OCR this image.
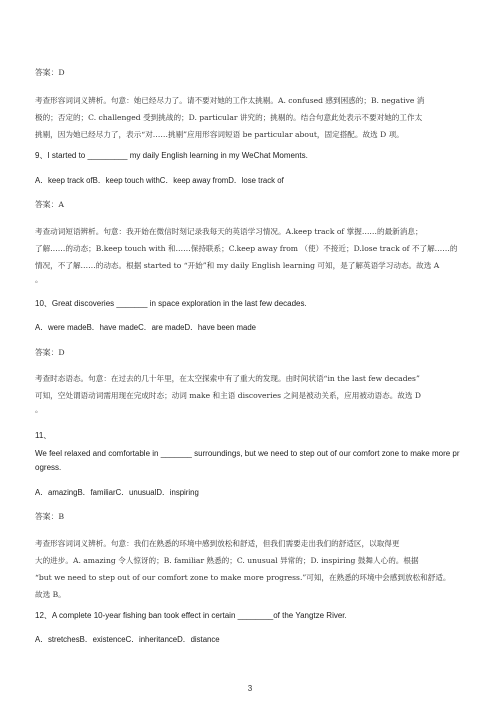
答案：D
考查形容词词义辨析。句意：她已经尽力了。请不要对她的工作太挑剔。A. confused 感到困惑的；B. negative 消
极的；否定的；C. challenged 受到挑战的；D. particular 讲究的；挑剔的。结合句意此处表示不要对她的工作太
挑剔，因为她已经尽力了，表示“对……挑剔”应用形容词短语 be particular about，固定搭配。故选 D 项。
9、I started to _________ my daily English learning in my WeChat Moments.
A．keep track ofB．keep touch withC．keep away fromD．lose track of
答案：A
考查动词短语辨析。句意：我开始在微信时刻记录我每天的英语学习情况。A.keep track of 掌握……的最新消息；
了解……的动态；B.keep touch with 和……保持联系；C.keep away from （使）不接近；D.lose track of 不了解……的
情况，不了解……的动态。根据 started to “开始”和 my daily English learning 可知，是了解英语学习动态。故选 A
。
10、Great discoveries _______ in space exploration in the last few decades.
A．were madeB．have madeC．are madeD．have been made
答案：D
考查时态语态。句意：在过去的几十年里，在太空探索中有了重大的发现。由时间状语“in the last few decades”
可知，空处谓语动词需用现在完成时态；动词 make 和主语 discoveries 之间是被动关系，应用被动语态。故选 D
。
11、
We feel relaxed and comfortable in _______ surroundings, but we need to step out of our comfort zone to make more pr
ogress.
A．amazingB．familiarC．unusualD．inspiring
答案：B
考查形容词词义辨析。句意：我们在熟悉的环境中感到放松和舒适，但我们需要走出我们的舒适区，以取得更
大的进步。A. amazing 令人惊讶的；B. familiar 熟悉的；C. unusual 异常的；D. inspiring 鼓舞人心的。根据
“but we need to step out of our comfort zone to make more progress.”可知，在熟悉的环境中会感到放松和舒适。
故选 B。
12、A complete 10-year fishing ban took effect in certain ________of the Yangtze River.
A．stretchesB．existenceC．inheritanceD．distance
3
